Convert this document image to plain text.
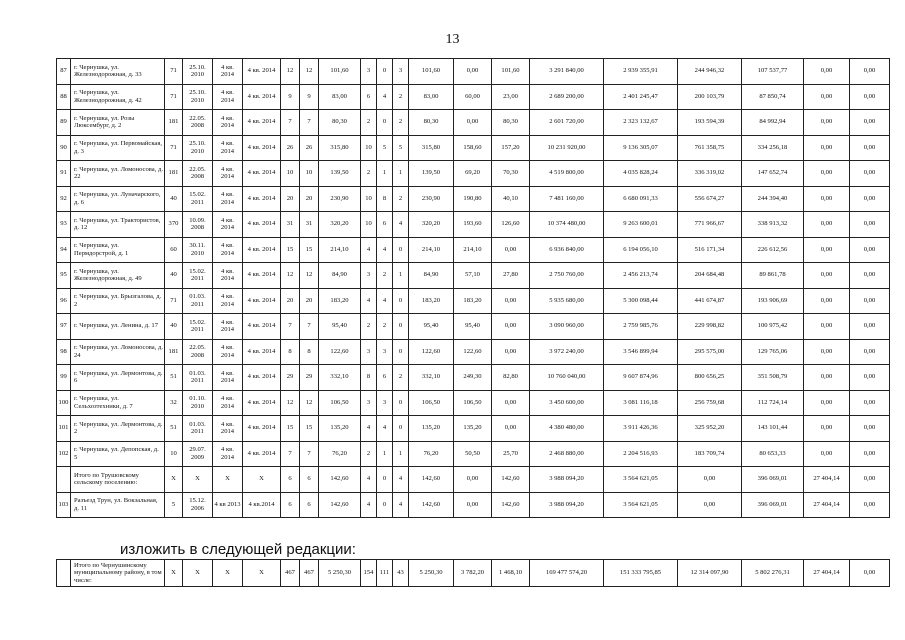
13
87	г. Чернушка, ул. Железнодорожная, д. 33	71	25.10. 2010	4 кв. 2014	4 кв. 2014	12	12	101,60	3	0	3	101,60	0,00	101,60	3 291 840,00	2 939 355,91	244 946,32	107 537,77	0,00	0,00
88	г. Чернушка, ул. Железнодорожная, д. 42	71	25.10. 2010	4 кв. 2014	4 кв. 2014	9	9	83,00	6	4	2	83,00	60,00	23,00	2 689 200,00	2 401 245,47	200 103,79	87 850,74	0,00	0,00
89	г. Чернушка, ул. Розы Люксембург, д. 2	181	22.05. 2008	4 кв. 2014	4 кв. 2014	7	7	80,30	2	0	2	80,30	0,00	80,30	2 601 720,00	2 323 132,67	193 594,39	84 992,94	0,00	0,00
90	г. Чернушка, ул. Первомайская, д. 3	71	25.10. 2010	4 кв. 2014	4 кв. 2014	26	26	315,80	10	5	5	315,80	158,60	157,20	10 231 920,00	9 136 305,07	761 358,75	334 256,18	0,00	0,00
91	г. Чернушка, ул. Ломоносова, д. 22	181	22.05. 2008	4 кв. 2014	4 кв. 2014	10	10	139,50	2	1	1	139,50	69,20	70,30	4 519 800,00	4 035 828,24	336 319,02	147 652,74	0,00	0,00
92	г. Чернушка, ул. Луначарского, д. 6	40	15.02. 2011	4 кв. 2014	4 кв. 2014	20	20	230,90	10	8	2	230,90	190,80	40,10	7 481 160,00	6 680 091,33	556 674,27	244 394,40	0,00	0,00
93	г. Чернушка, ул. Трактористов, д. 12	370	10.09. 2008	4 кв. 2014	4 кв. 2014	31	31	320,20	10	6	4	320,20	193,60	126,60	10 374 480,00	9 263 600,01	771 966,67	338 913,32	0,00	0,00
94	г. Чернушка, ул. Пермдорстрой, д. 1	60	30.11. 2010	4 кв. 2014	4 кв. 2014	15	15	214,10	4	4	0	214,10	214,10	0,00	6 936 840,00	6 194 056,10	516 171,34	226 612,56	0,00	0,00
95	г. Чернушка, ул. Железнодорожная, д. 49	40	15.02. 2011	4 кв. 2014	4 кв. 2014	12	12	84,90	3	2	1	84,90	57,10	27,80	2 750 760,00	2 456 213,74	204 684,48	89 861,78	0,00	0,00
96	г. Чернушка, ул. Брызгалова, д. 2	71	01.03. 2011	4 кв. 2014	4 кв. 2014	20	20	183,20	4	4	0	183,20	183,20	0,00	5 935 680,00	5 300 098,44	441 674,87	193 906,69	0,00	0,00
97	г. Чернушка, ул. Ленина, д. 17	40	15.02. 2011	4 кв. 2014	4 кв. 2014	7	7	95,40	2	2	0	95,40	95,40	0,00	3 090 960,00	2 759 985,76	229 998,82	100 975,42	0,00	0,00
98	г. Чернушка, ул. Ломоносова, д. 24	181	22.05. 2008	4 кв. 2014	4 кв. 2014	8	8	122,60	3	3	0	122,60	122,60	0,00	3 972 240,00	3 546 899,94	295 575,00	129 765,06	0,00	0,00
99	г. Чернушка, ул. Лермонтова, д. 6	51	01.03. 2011	4 кв. 2014	4 кв. 2014	29	29	332,10	8	6	2	332,10	249,30	82,80	10 760 040,00	9 607 874,96	800 656,25	351 508,79	0,00	0,00
100	г. Чернушка, ул. Сельхозтехники, д. 7	32	01.10. 2010	4 кв. 2014	4 кв. 2014	12	12	106,50	3	3	0	106,50	106,50	0,00	3 450 600,00	3 081 116,18	256 759,68	112 724,14	0,00	0,00
101	г. Чернушка, ул. Лермонтова, д. 2	51	01.03. 2011	4 кв. 2014	4 кв. 2014	15	15	135,20	4	4	0	135,20	135,20	0,00	4 380 480,00	3 911 426,36	325 952,20	143 101,44	0,00	0,00
102	г. Чернушка, ул. Депопская, д. 5	10	29.07. 2009	4 кв. 2014	4 кв. 2014	7	7	76,20	2	1	1	76,20	50,50	25,70	2 468 880,00	2 204 516,93	183 709,74	80 653,33	0,00	0,00
	Итого по Трушовскому сельскому поселению:	X	X	X	X	6	6	142,60	4	0	4	142,60	0,00	142,60	3 988 094,20	3 564 621,05	0,00	396 069,01	27 404,14	0,00
103	Разъезд Трун, ул. Вокзальная, д. 11	5	15.12. 2006	4 кв 2013	4 кв.2014	6	6	142,60	4	0	4	142,60	0,00	142,60	3 988 094,20	3 564 621,05	0,00	396 069,01	27 404,14	0,00
изложить в следующей редакции:
	Итого по Чернушинскому муниципальному району, в том числе:	X	X	X	X	467	467	5 250,30	154	111	43	5 250,30	3 782,20	1 468,10	169 477 574,20	151 333 795,85	12 314 097,90	5 802 276,31	27 404,14	0,00
